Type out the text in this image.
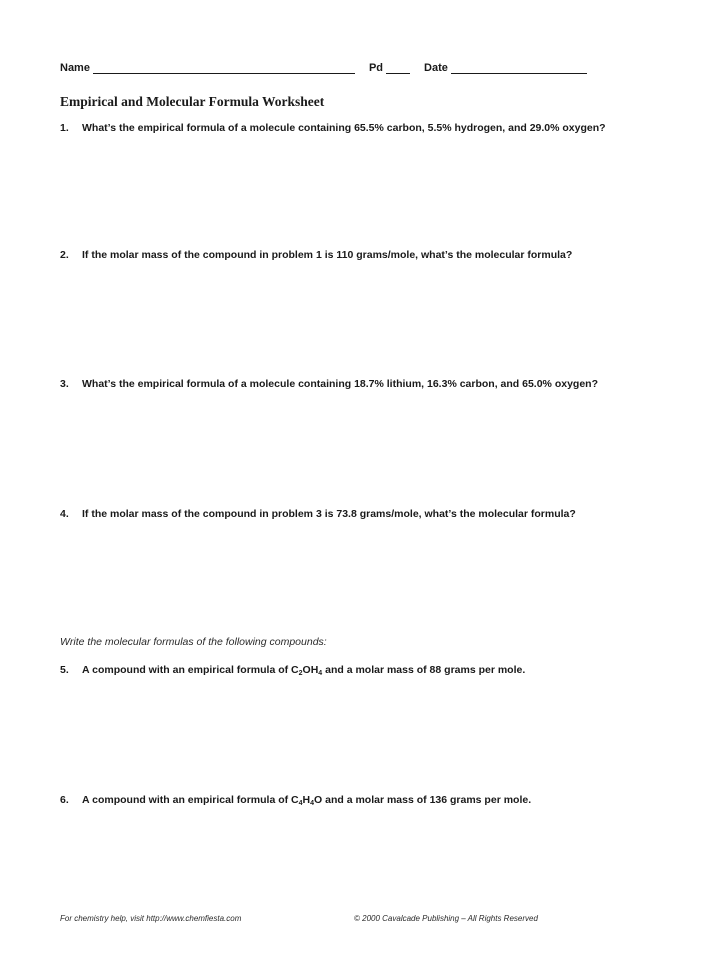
Name	Pd	Date
Empirical and Molecular Formula Worksheet
1.	What’s the empirical formula of a molecule containing 65.5% carbon, 5.5% hydrogen, and 29.0% oxygen?
2.	If the molar mass of the compound in problem 1 is 110 grams/mole, what’s the molecular formula?
3.	What’s the empirical formula of a molecule containing 18.7% lithium, 16.3% carbon, and 65.0% oxygen?
4.	If the molar mass of the compound in problem 3 is 73.8 grams/mole, what’s the molecular formula?
Write the molecular formulas of the following compounds:
5.	A compound with an empirical formula of $C_2OH_4$ and a molar mass of 88 grams per mole.
6.	A compound with an empirical formula of $C_4H_4O$ and a molar mass of 136 grams per mole.
For chemistry help, visit http://www.chemfiesta.com	© 2000 Cavalcade Publishing – All Rights Reserved
